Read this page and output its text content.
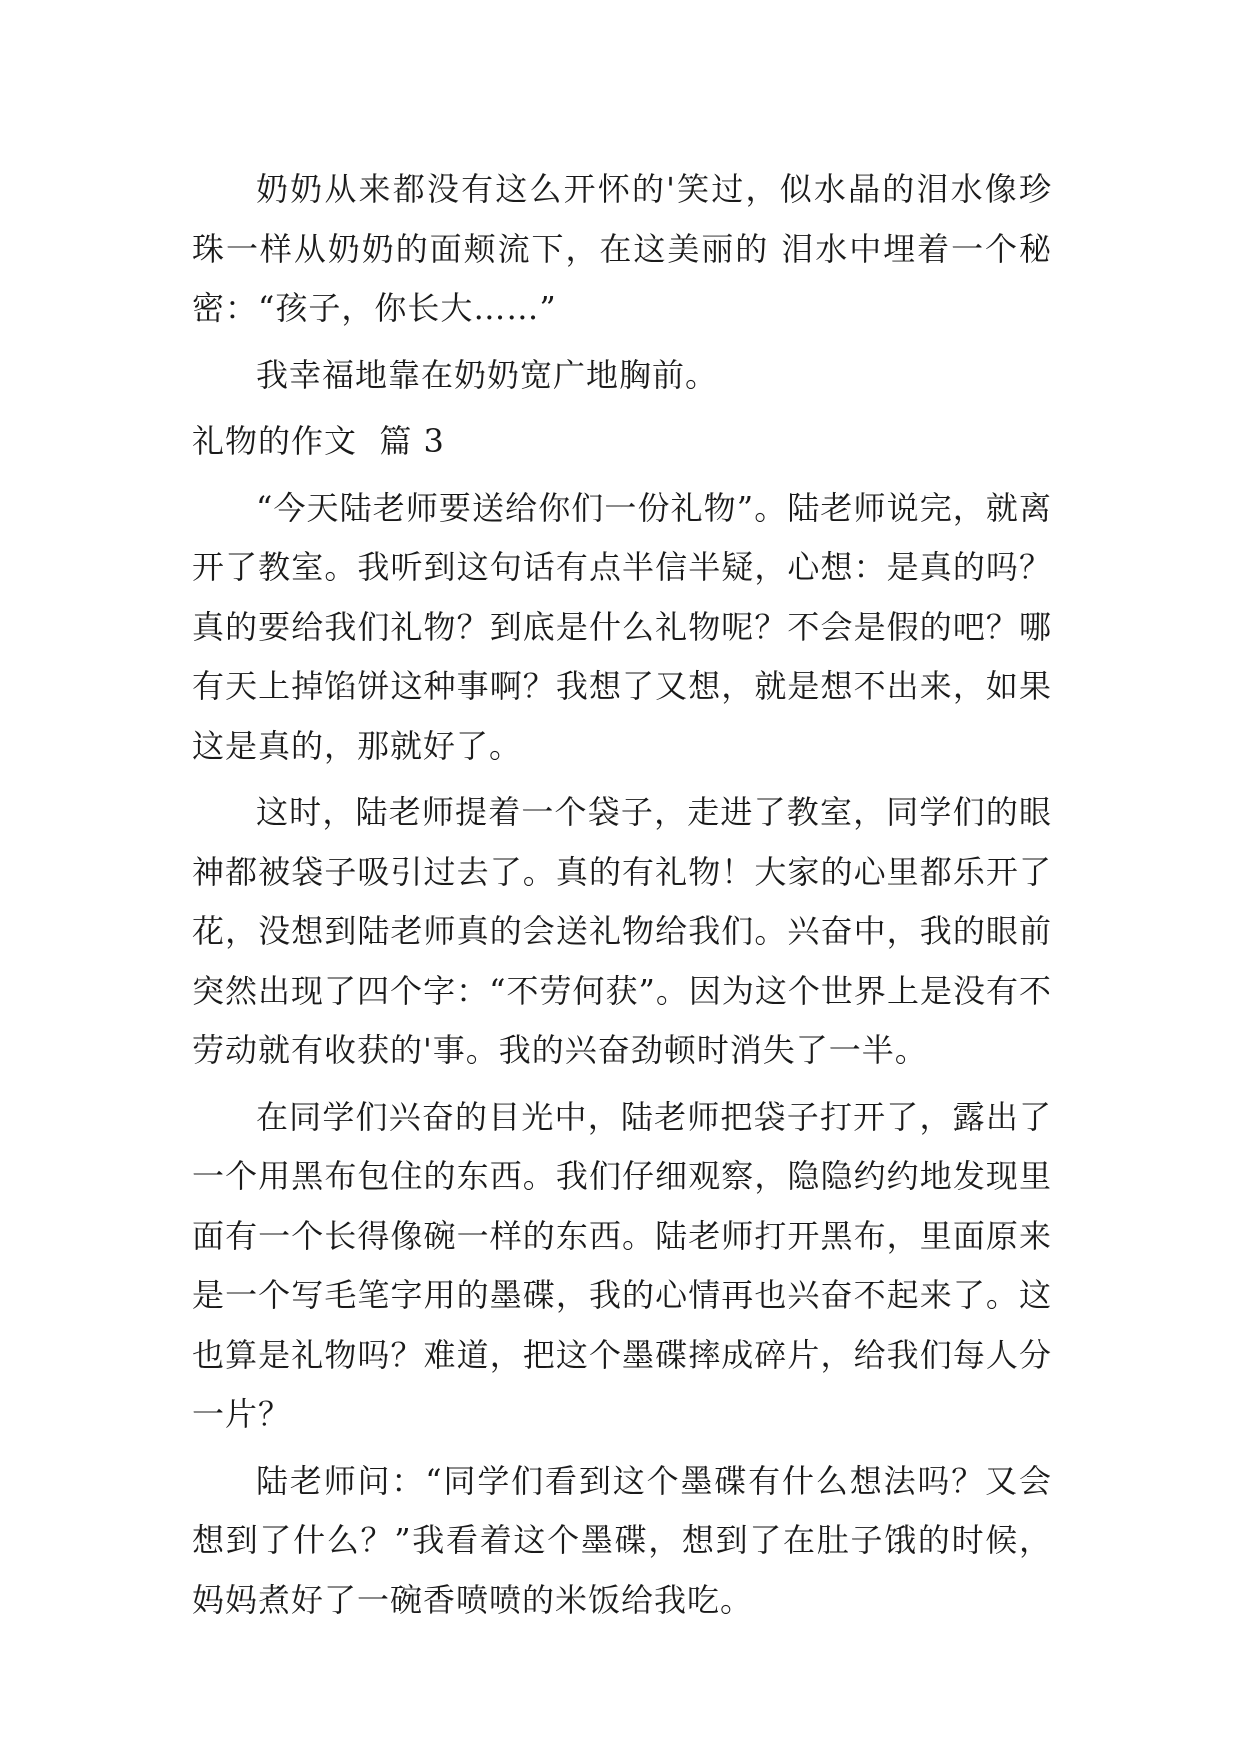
奶奶从来都没有这么开怀的'笑过，似水晶的泪水像珍珠一样从奶奶的面颊流下，在这美丽的 泪水中埋着一个秘密：“孩子，你长大……”

我幸福地靠在奶奶宽广地胸前。

礼物的作文  篇 3

“今天陆老师要送给你们一份礼物”。陆老师说完，就离开了教室。我听到这句话有点半信半疑，心想：是真的吗？真的要给我们礼物？到底是什么礼物呢？不会是假的吧？哪有天上掉馅饼这种事啊？我想了又想，就是想不出来，如果这是真的，那就好了。

这时，陆老师提着一个袋子，走进了教室，同学们的眼神都被袋子吸引过去了。真的有礼物！大家的心里都乐开了花，没想到陆老师真的会送礼物给我们。兴奋中，我的眼前突然出现了四个字：“不劳何获”。因为这个世界上是没有不劳动就有收获的'事。我的兴奋劲顿时消失了一半。

在同学们兴奋的目光中，陆老师把袋子打开了，露出了一个用黑布包住的东西。我们仔细观察，隐隐约约地发现里面有一个长得像碗一样的东西。陆老师打开黑布，里面原来是一个写毛笔字用的墨碟，我的心情再也兴奋不起来了。这也算是礼物吗？难道，把这个墨碟摔成碎片，给我们每人分一片？

陆老师问：“同学们看到这个墨碟有什么想法吗？又会想到了什么？”我看着这个墨碟，想到了在肚子饿的时候，妈妈煮好了一碗香喷喷的米饭给我吃。
